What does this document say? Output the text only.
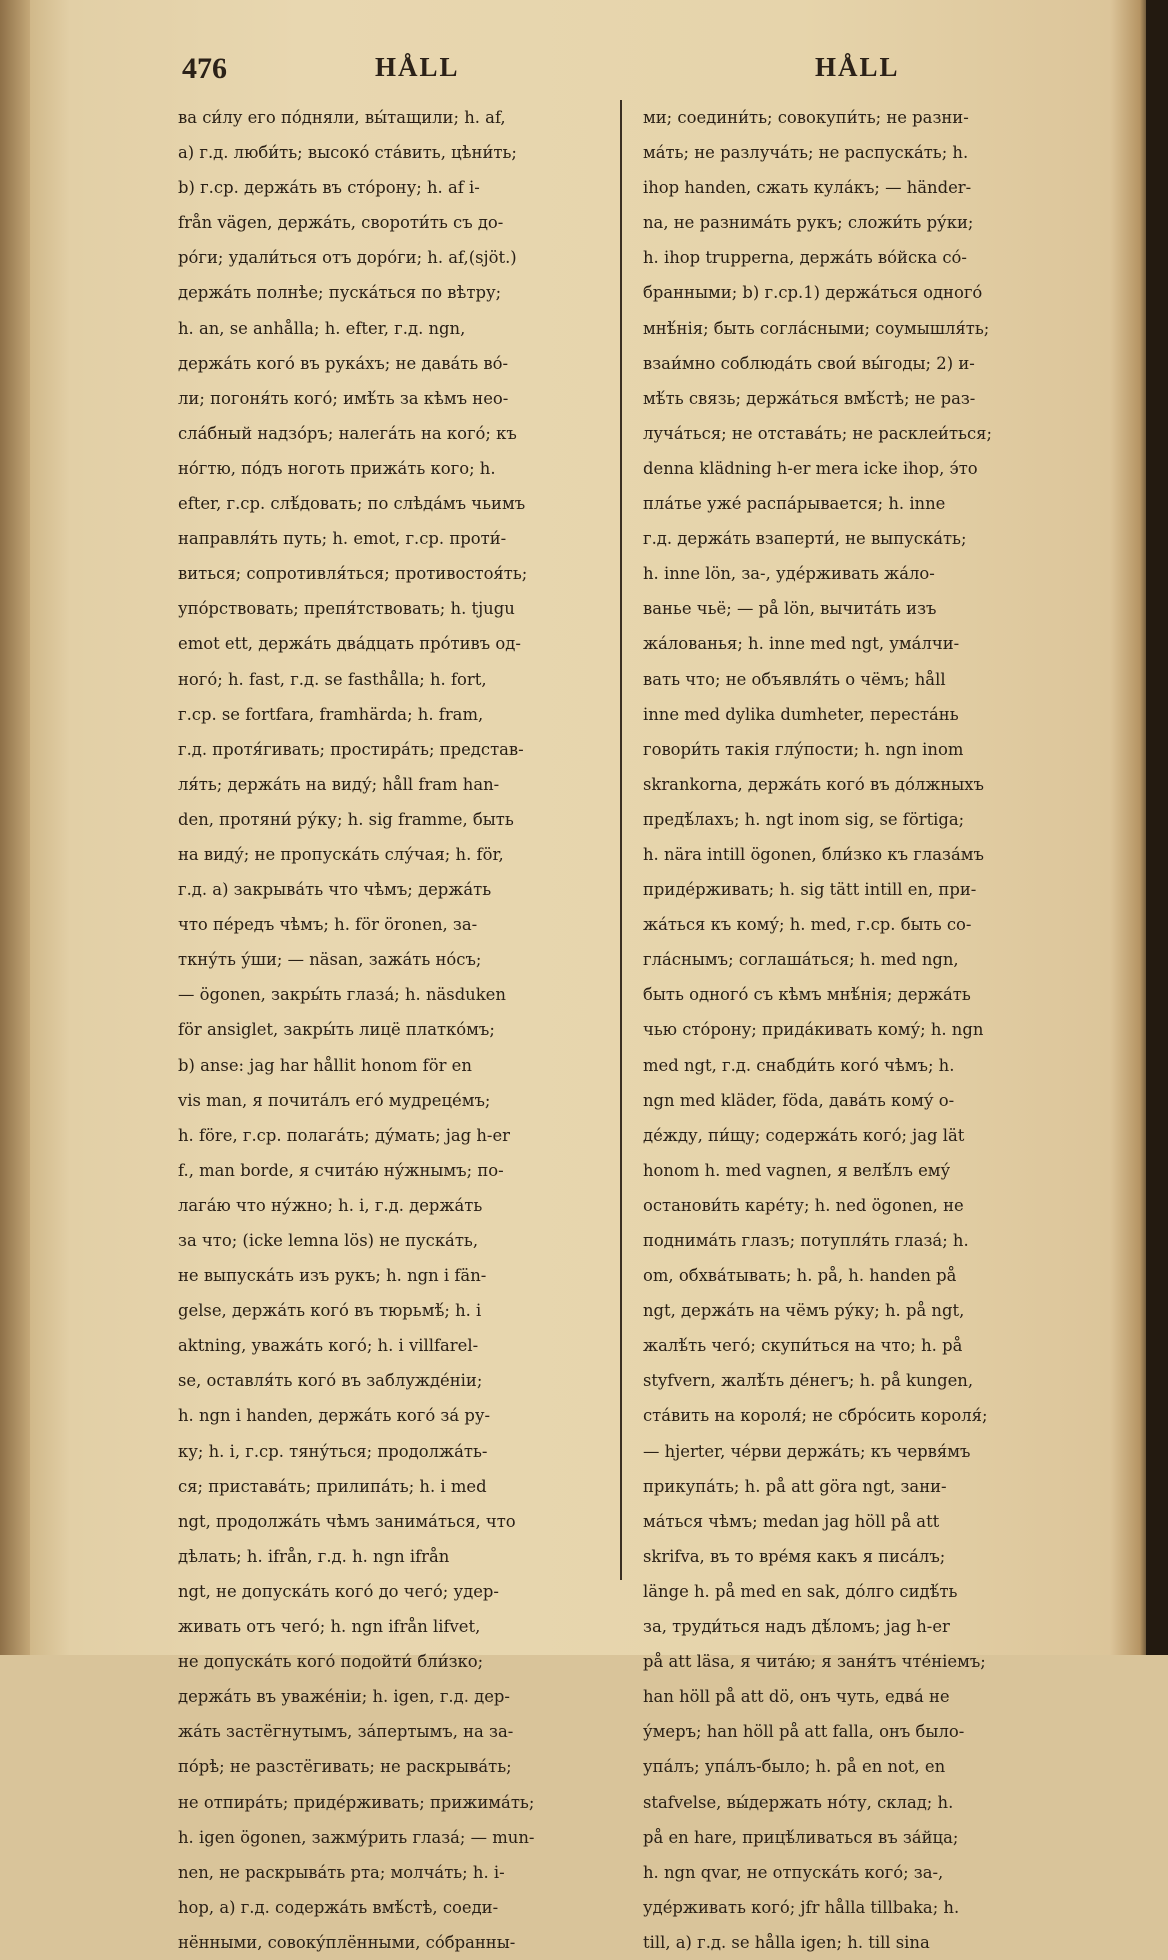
476	HÅLL	HÅLL
ва си́лу его по́дняли, вы́тащили; h. af,
a) г.д. люби́ть; высоко́ ста́вить, цѣни́ть;
b) г.ср. держа́ть въ сто́рону; h. af i-
från vägen, держа́ть, свороти́ть съ до-
ро́ги; удали́ться отъ доро́ги; h. af,(sjöt.)
держа́ть полнѣе; пуска́ться по вѣтру;
h. an, se anhålla; h. efter, г.д. ngn,
держа́ть кого́ въ рука́хъ; не дава́ть во́-
ли; погоня́ть кого́; имѣ́ть за кѣмъ нео-
сла́бный надзо́ръ; налега́ть на кого́; къ
но́гтю, по́дъ ноготь прижа́ть кого; h.
efter, г.ср. слѣ́довать; по слѣда́мъ чьимъ
направля́ть путь; h. emot, г.ср. проти́-
виться; сопротивля́ться; противостоя́ть;
упо́рствовать; препя́тствовать; h. tjugu
emot ett, держа́ть два́дцать про́тивъ од-
ного́; h. fast, г.д. se fasthålla; h. fort,
г.ср. se fortfara, framhärda; h. fram,
г.д. протя́гивать; простира́ть; представ-
ля́ть; держа́ть на виду́; håll fram han-
den, протяни́ ру́ку; h. sig framme, быть
на виду́; не пропуска́ть слу́чая; h. för,
г.д. а) закрыва́ть что чѣмъ; держа́ть
что пе́редъ чѣмъ; h. för öronen, за-
ткну́ть у́ши; — näsan, зажа́ть но́съ;
— ögonen, закры́ть глаза́; h. näsduken
för ansiglet, закры́ть лицё платко́мъ;
b) anse: jag har hållit honom för en
vis man, я почита́лъ его́ мудреце́мъ;
h. före, г.ср. полага́ть; ду́мать; jag h-er
f., man borde, я счита́ю ну́жнымъ; по-
лага́ю что ну́жно; h. i, г.д. держа́ть
за что; (icke lemna lös) не пуска́ть,
не выпуска́ть изъ рукъ; h. ngn i fän-
gelse, держа́ть кого́ въ тюрьмѣ́; h. i
aktning, уважа́ть кого́; h. i villfarel-
se, оставля́ть кого́ въ заблужде́нiи;
h. ngn i handen, держа́ть кого́ за́ ру-
ку; h. i, г.ср. тяну́ться; продолжа́ть-
ся; пристава́ть; прилипа́ть; h. i med
ngt, продолжа́ть чѣмъ занима́ться, что
дѣлать; h. ifrån, г.д. h. ngn ifrån
ngt, не допуска́ть кого́ до чего́; удер-
живать отъ чего́; h. ngn ifrån lifvet,
не допуска́ть кого́ подойти́ бли́зко;
держа́ть въ уваже́нiи; h. igen, г.д. дер-
жа́ть застёгнутымъ, за́пертымъ, на за-
по́рѣ; не разстёгивать; не раскрыва́ть;
не отпира́ть; приде́рживать; прижима́ть;
h. igen ögonen, зажму́рить глаза́; — mun-
nen, не раскрыва́ть рта; молча́ть; h. i-
hop, а) г.д. содержа́ть вмѣ́стѣ, соеди-
нёнными, совоку́плёнными, со́бранны-
ми; соедини́ть; совокупи́ть; не разни-
ма́ть; не разлуча́ть; не распуска́ть; h.
ihop handen, сжать кула́къ; — händer-
na, не разнима́ть рукъ; сложи́ть ру́ки;
h. ihop trupperna, держа́ть во́йска со́-
бранными; b) г.ср.1) держа́ться одного́
мнѣ́нiя; быть согла́сными; соумышля́ть;
взаи́мно соблюда́ть свои́ вы́годы; 2) и-
мѣ́ть связь; держа́ться вмѣ́стѣ; не раз-
луча́ться; не отстава́ть; не расклеи́ться;
denna klädning h-er mera icke ihop, э́то
пла́тье уже́ распа́рывается; h. inne
г.д. держа́ть взаперти́, не выпуска́ть;
h. inne lön, за-, уде́рживать жа́ло-
ванье чьё; — på lön, вычита́ть изъ
жа́лованья; h. inne med ngt, ума́лчи-
вать что; не объявля́ть о чёмъ; håll
inne med dylika dumheter, переста́нь
говори́ть такiя глу́пости; h. ngn inom
skrankorna, держа́ть кого́ въ до́лжныхъ
предѣ́лахъ; h. ngt inom sig, se förtiga;
h. nära intill ögonen, бли́зко къ глаза́мъ
приде́рживать; h. sig tätt intill en, при-
жа́ться къ кому́; h. med, г.ср. быть со-
гла́снымъ; соглаша́ться; h. med ngn,
быть одного́ съ кѣмъ мнѣ́нiя; держа́ть
чью сто́рону; прида́кивать кому́; h. ngn
med ngt, г.д. снабди́ть кого́ чѣмъ; h.
ngn med kläder, föda, дава́ть кому́ о-
де́жду, пи́щу; содержа́ть кого́; jag lät
honom h. med vagnen, я велѣ́лъ ему́
останови́ть каре́ту; h. ned ögonen, не
поднима́ть глазъ; потупля́ть глаза́; h.
om, обхва́тывать; h. på, h. handen på
ngt, держа́ть на чёмъ ру́ку; h. på ngt,
жалѣ́ть чего́; скупи́ться на что; h. på
styfvern, жалѣ́ть де́негъ; h. på kungen,
ста́вить на короля́; не сбро́сить короля́;
— hjerter, че́рви держа́ть; къ червя́мъ
прикупа́ть; h. på att göra ngt, зани-
ма́ться чѣмъ; medan jag höll på att
skrifva, въ то вре́мя какъ я писа́лъ;
länge h. på med en sak, до́лго сидѣ́ть
за, труди́ться надъ дѣ́ломъ; jag h-er
på att läsa, я чита́ю; я заня́тъ чте́нiемъ;
han höll på att dö, онъ чуть, едва́ не
у́меръ; han höll på att falla, онъ было-
упа́лъ; упа́лъ-было; h. på en not, en
stafvelse, вы́держать но́ту, склад; h.
på en hare, прицѣ́ливаться въ за́йца;
h. ngn qvar, не отпуска́ть кого́; за-,
уде́рживать кого́; jfr hålla tillbaka; h.
till, а) г.д. se hålla igen; h. till sina
